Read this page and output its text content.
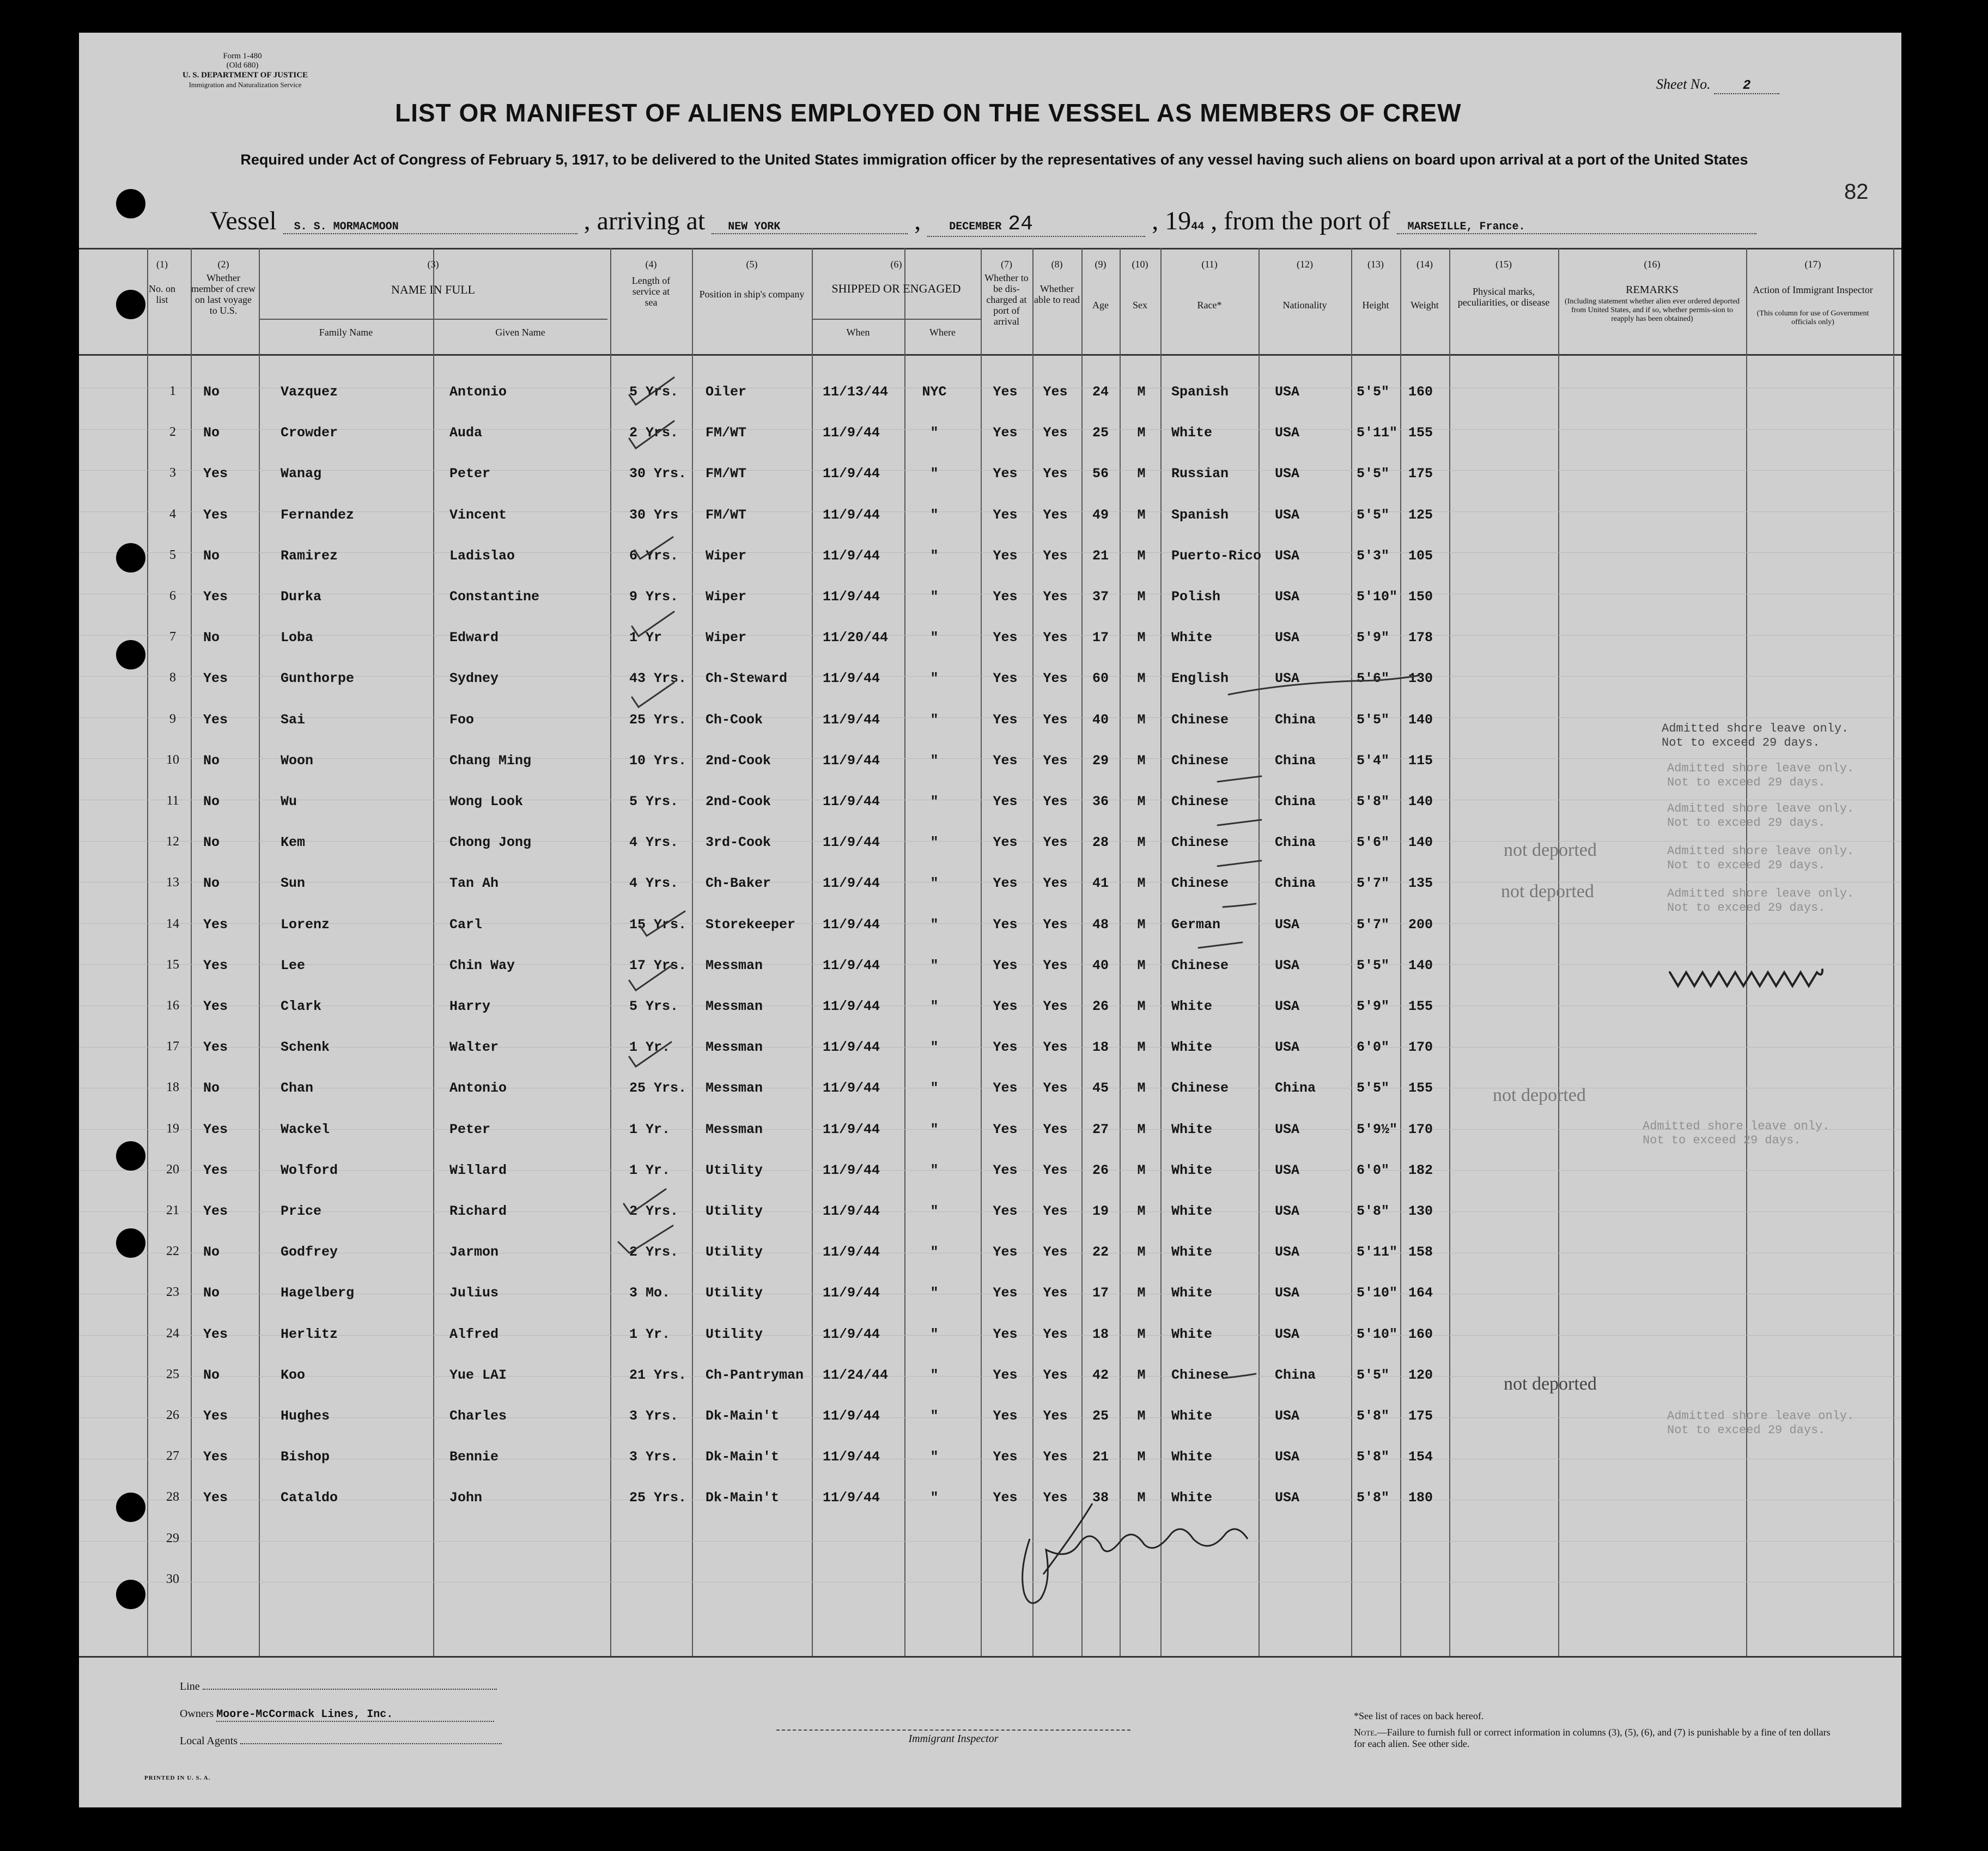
Form 1-480
(Old 680)
U. S. DEPARTMENT OF JUSTICE
Immigration and Naturalization Service	Sheet No. 2
82
LIST OR MANIFEST OF ALIENS EMPLOYED ON THE VESSEL AS MEMBERS OF CREW
Required under Act of Congress of February 5, 1917, to be delivered to the United States immigration officer by the representatives of any vessel having such aliens on board upon arrival at a port of the United States
Vessel S. S. MORMACMOON	, arriving at NEW YORK	,	DECEMBER 24	, 1944 , from the port of MARSEILLE, France.
(1)
No. on list
(2)
Whether member of crew on last voyage to U.S.
(3)
NAME IN FULL
Family Name	Given Name
(4)
Length of service at sea
(5)
Position in ship's company
(6)
SHIPPED OR ENGAGED
When	Where
(7)
Whether to be dis-charged at port of arrival
(8)
Whether able to read
(9)
Age
(10)
Sex
(11)
Race*
(12)
Nationality
(13)
Height
(14)
Weight
(15)
Physical marks, peculiarities, or disease
(16)
REMARKS
(Including statement whether alien ever ordered deported from United States, and if so, whether permis-sion to reapply has been obtained)
(17)
Action of Immigrant Inspector
(This column for use of Government officials only)
1	No	Vazquez	Antonio	5 Yrs. Oiler	11/13/44 NYC	Yes	Yes	24	M	Spanish	USA	5'5" 160
2	No	Crowder	Auda	2 Yrs. FM/WT	11/9/44	"	Yes	Yes	25	M	White	USA	5'11" 155
3	Yes	Wanag	Peter	30 Yrs. FM/WT	11/9/44	"	Yes	Yes	56	M	Russian	USA	5'5" 175
4	Yes	Fernandez	Vincent	30 Yrs FM/WT	11/9/44	"	Yes	Yes	49	M	Spanish	USA	5'5" 125
5	No	Ramirez	Ladislao	6 Yrs. Wiper	11/9/44	"	Yes	Yes	21	M	Puerto-Rico USA	5'3" 105
6	Yes	Durka	Constantine	9 Yrs. Wiper	11/9/44	"	Yes	Yes	37	M	Polish	USA	5'10" 150
7	No	Loba	Edward	1 Yr	Wiper	11/20/44	"	Yes	Yes	17	M	White	USA	5'9" 178
8	Yes	Gunthorpe	Sydney	43 Yrs. Ch-Steward	11/9/44	"	Yes	Yes	60	M	English	USA	5'6" 130
9	Yes	Sai	Foo	25 Yrs. Ch-Cook	11/9/44	"	Yes	Yes	40	M	Chinese	China	5'5" 140
10	No	Woon	Chang Ming	10 Yrs. 2nd-Cook	11/9/44	"	Yes	Yes	29	M	Chinese	China	5'4" 115
11	No	Wu	Wong Look	5 Yrs. 2nd-Cook	11/9/44	"	Yes	Yes	36	M	Chinese	China	5'8" 140
12	No	Kem	Chong Jong	4 Yrs. 3rd-Cook	11/9/44	"	Yes	Yes	28	M	Chinese	China	5'6" 140
13	No	Sun	Tan Ah	4 Yrs. Ch-Baker	11/9/44	"	Yes	Yes	41	M	Chinese	China	5'7" 135
14	Yes	Lorenz	Carl	15 Yrs. Storekeeper 11/9/44	"	Yes	Yes	48	M	German	USA	5'7" 200
15	Yes	Lee	Chin Way	17 Yrs. Messman	11/9/44	"	Yes	Yes	40	M	Chinese	USA	5'5" 140
16	Yes	Clark	Harry	5 Yrs. Messman	11/9/44	"	Yes	Yes	26	M	White	USA	5'9" 155
17	Yes	Schenk	Walter	1 Yr.	Messman	11/9/44	"	Yes	Yes	18	M	White	USA	6'0" 170
18	No	Chan	Antonio	25 Yrs. Messman	11/9/44	"	Yes	Yes	45	M	Chinese	China	5'5" 155
19	Yes	Wackel	Peter	1 Yr.	Messman	11/9/44	"	Yes	Yes	27	M	White	USA	5'9½" 170
20	Yes	Wolford	Willard	1 Yr.	Utility	11/9/44	"	Yes	Yes	26	M	White	USA	6'0" 182
21	Yes	Price	Richard	2 Yrs. Utility	11/9/44	"	Yes	Yes	19	M	White	USA	5'8" 130
22	No	Godfrey	Jarmon	2 Yrs. Utility	11/9/44	"	Yes	Yes	22	M	White	USA	5'11" 158
23	No	Hagelberg	Julius	3 Mo.	Utility	11/9/44	"	Yes	Yes	17	M	White	USA	5'10" 164
24	Yes	Herlitz	Alfred	1 Yr.	Utility	11/9/44	"	Yes	Yes	18	M	White	USA	5'10" 160
25	No	Koo	Yue LAI	21 Yrs. Ch-Pantryman 11/24/44	"	Yes	Yes	42	M	Chinese	China	5'5" 120
26	Yes	Hughes	Charles	3 Yrs. Dk-Main't	11/9/44	"	Yes	Yes	25	M	White	USA	5'8" 175
27	Yes	Bishop	Bennie	3 Yrs. Dk-Main't	11/9/44	"	Yes	Yes	21	M	White	USA	5'8" 154
28	Yes	Cataldo	John	25 Yrs. Dk-Main't	11/9/44	"	Yes	Yes	38	M	White	USA	5'8" 180
29
30
Admitted shore leave only.
Not to exceed 29 days.
Admitted shore leave only.
Not to exceed 29 days.
Admitted shore leave only.
Not to exceed 29 days.
Admitted shore leave only.
Not to exceed 29 days.
Admitted shore leave only.
Not to exceed 29 days.
Admitted shore leave only.
Not to exceed 29 days.
Admitted shore leave only.
Not to exceed 29 days.
not deported
not deported
not deported
not deported
Line
Owners Moore-McCormack Lines, Inc.
Local Agents	Immigrant Inspector
*See list of races on back hereof.
Note.—Failure to furnish full or correct information in columns (3), (5), (6), and (7) is punishable by a fine of ten dollars for each alien. See other side.
PRINTED IN U. S. A.
